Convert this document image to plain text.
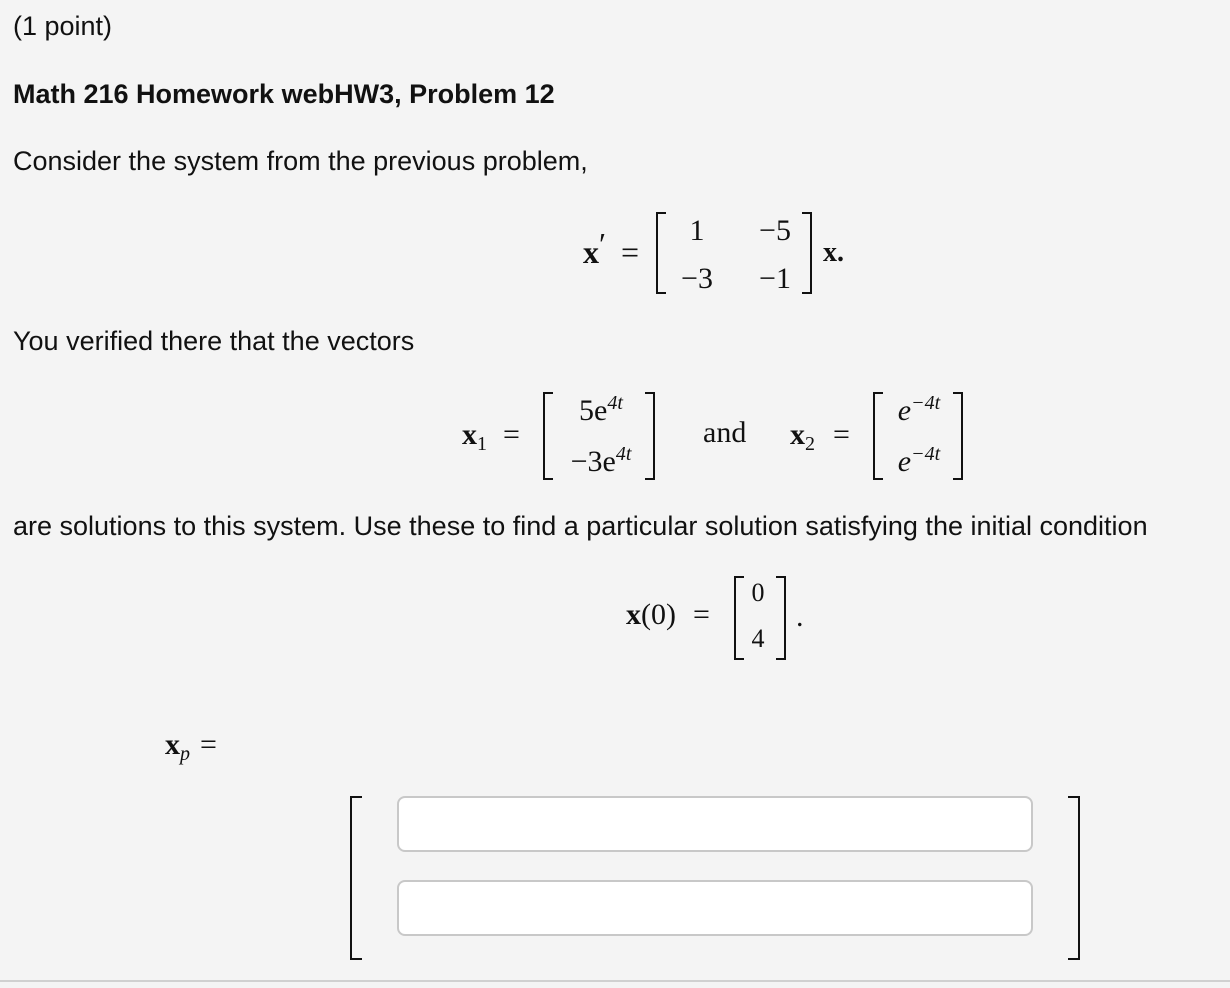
(1 point)
Math 216 Homework webHW3, Problem 12
Consider the system from the previous problem,
x′ =
1	−5
−3	−1
x.
You verified there that the vectors
$x_1$ =
$5e^{4t}$
$-3e^{4t}$
and $x_2$ =
$e^{-4t}$
$e^{-4t}$
are solutions to this system. Use these to find a particular solution satisfying the initial condition
x(0) =
0
4
.
$x_p$ =
